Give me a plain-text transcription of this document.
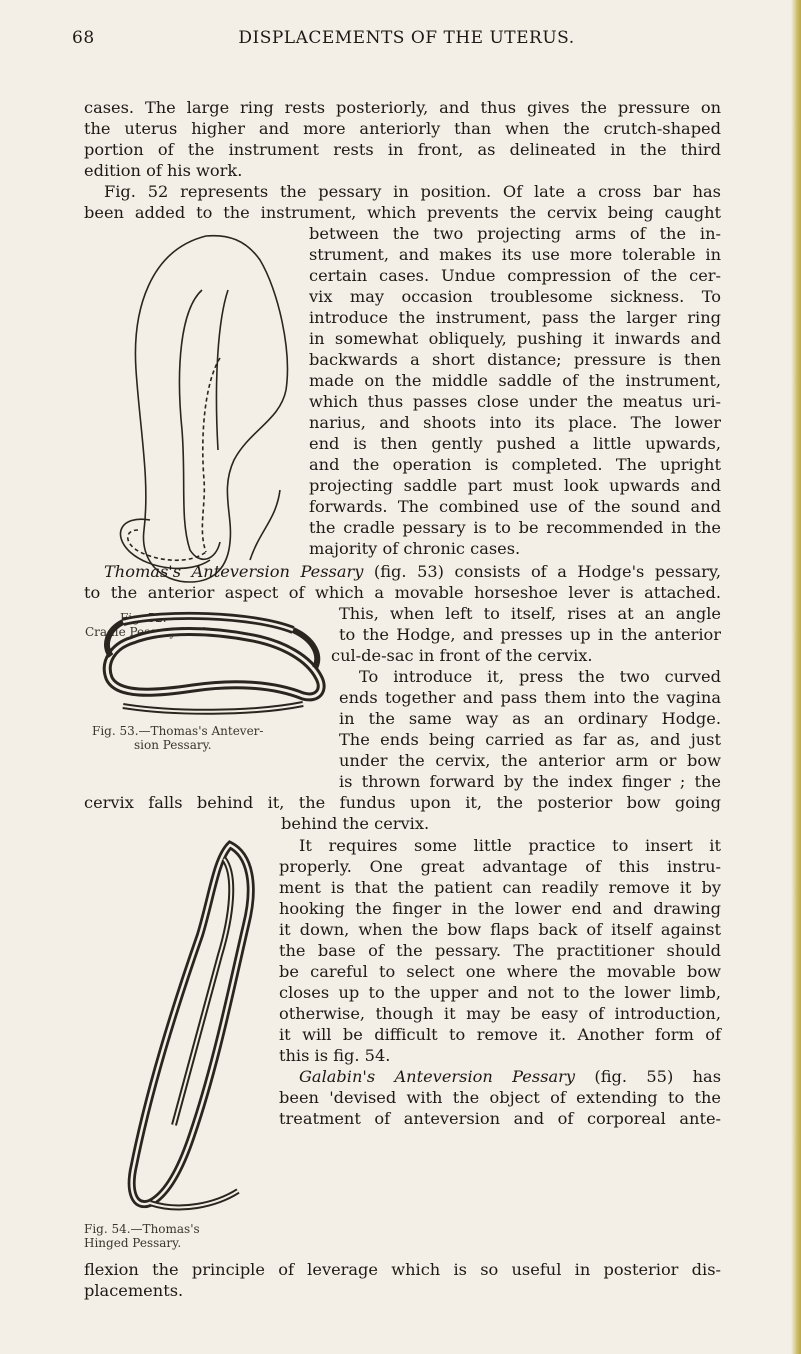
68	DISPLACEMENTS OF THE UTERUS.
cases. The large ring rests posteriorly, and thus gives the pressure on
the uterus higher and more anteriorly than when the crutch-shaped
portion of the instrument rests in front, as delineated in the third
edition of his work.
Fig. 52 represents the pessary in position. Of late a cross bar has
been added to the instrument, which prevents the cervix being caught
Fig. 52.
Cradle Pessary in situ.
between the two projecting arms of the in-
strument, and makes its use more tolerable in
certain cases. Undue compression of the cer-
vix may occasion troublesome sickness. To
introduce the instrument, pass the larger ring
in somewhat obliquely, pushing it inwards and
backwards a short distance; pressure is then
made on the middle saddle of the instrument,
which thus passes close under the meatus uri-
narius, and shoots into its place. The lower
end is then gently pushed a little upwards,
and the operation is completed. The upright
projecting saddle part must look upwards and
forwards. The combined use of the sound and
the cradle pessary is to be recommended in the
majority of chronic cases.
Thomas's Anteversion Pessary (fig. 53) consists of a Hodge's pessary,
to the anterior aspect of which a movable horseshoe lever is attached.
Fig. 53.—Thomas's Antever-
sion Pessary.
This, when left to itself, rises at an angle
to the Hodge, and presses up in the anterior
cul-de-sac in front of the cervix.
To introduce it, press the two curved
ends together and pass them into the vagina
in the same way as an ordinary Hodge.
The ends being carried as far as, and just
under the cervix, the anterior arm or bow
is thrown forward by the index finger ; the
cervix falls behind it, the fundus upon it, the posterior bow going
behind the cervix.
Fig. 54.—Thomas's
Hinged Pessary.
It requires some little practice to insert it
properly. One great advantage of this instru-
ment is that the patient can readily remove it by
hooking the finger in the lower end and drawing
it down, when the bow flaps back of itself against
the base of the pessary. The practitioner should
be careful to select one where the movable bow
closes up to the upper and not to the lower limb,
otherwise, though it may be easy of introduction,
it will be difficult to remove it. Another form of
this is fig. 54.
Galabin's Anteversion Pessary (fig. 55) has
been 'devised with the object of extending to the
treatment of anteversion and of corporeal ante-
flexion the principle of leverage which is so useful in posterior dis-
placements.
